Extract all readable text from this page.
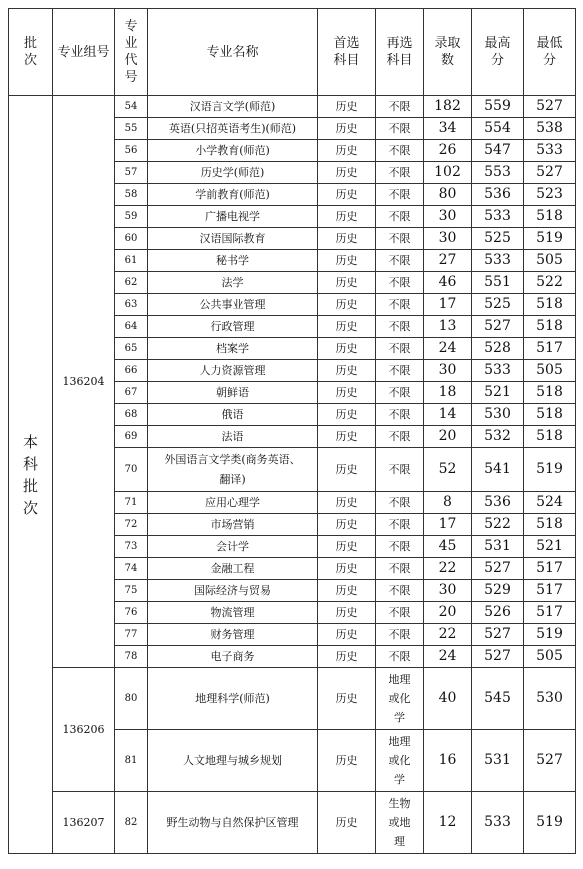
批次	专业组号	专业代号	专业名称	首选科目	再选科目	录取数	最高分	最低分
本科批次	136204	54	汉语言文学(师范)	历史	不限	182	559	527
		55	英语(只招英语考生)(师范)	历史	不限	34	554	538
		56	小学教育(师范)	历史	不限	26	547	533
		57	历史学(师范)	历史	不限	102	553	527
		58	学前教育(师范)	历史	不限	80	536	523
		59	广播电视学	历史	不限	30	533	518
		60	汉语国际教育	历史	不限	30	525	519
		61	秘书学	历史	不限	27	533	505
		62	法学	历史	不限	46	551	522
		63	公共事业管理	历史	不限	17	525	518
		64	行政管理	历史	不限	13	527	518
		65	档案学	历史	不限	24	528	517
		66	人力资源管理	历史	不限	30	533	505
		67	朝鲜语	历史	不限	18	521	518
		68	俄语	历史	不限	14	530	518
		69	法语	历史	不限	20	532	518
		70	外国语言文学类(商务英语、翻译)	历史	不限	52	541	519
		71	应用心理学	历史	不限	8	536	524
		72	市场营销	历史	不限	17	522	518
		73	会计学	历史	不限	45	531	521
		74	金融工程	历史	不限	22	527	517
		75	国际经济与贸易	历史	不限	30	529	517
		76	物流管理	历史	不限	20	526	517
		77	财务管理	历史	不限	22	527	519
		78	电子商务	历史	不限	24	527	505
	136206	80	地理科学(师范)	历史	地理或化学	40	545	530
		81	人文地理与城乡规划	历史	地理或化学	16	531	527
	136207	82	野生动物与自然保护区管理	历史	生物或地理	12	533	519
